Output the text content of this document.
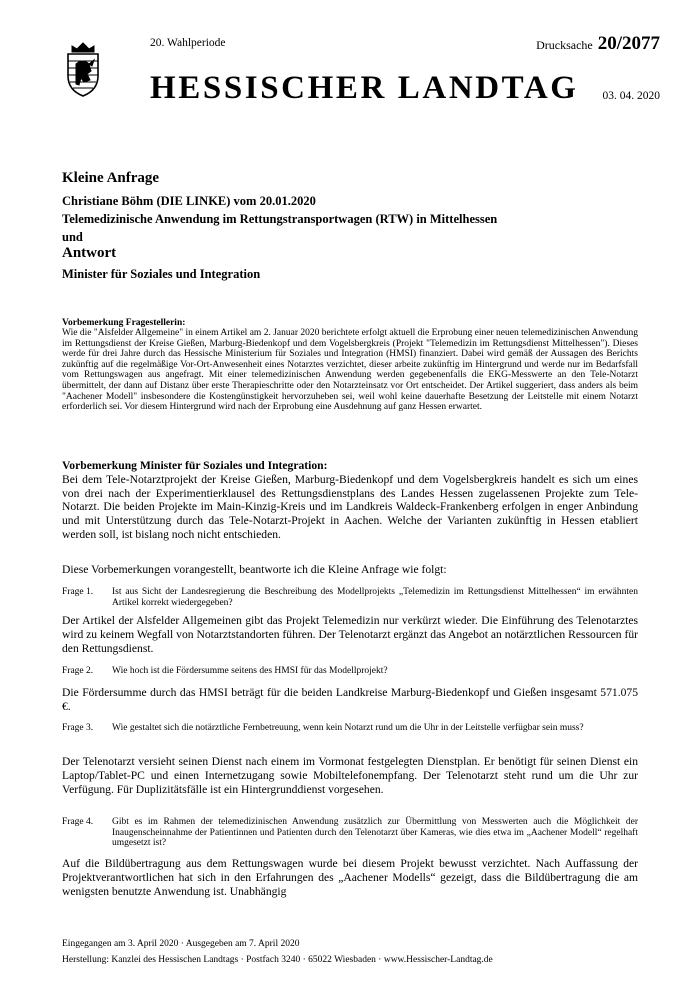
20. Wahlperiode	Drucksache 20/2077
HESSISCHER LANDTAG 03. 04. 2020
Kleine Anfrage
Christiane Böhm (DIE LINKE) vom 20.01.2020
Telemedizinische Anwendung im Rettungstransportwagen (RTW) in Mittelhessen
und
Antwort
Minister für Soziales und Integration
Vorbemerkung Fragestellerin:
Wie die "Alsfelder Allgemeine" in einem Artikel am 2. Januar 2020 berichtete erfolgt aktuell die Erprobung einer neuen telemedizinischen Anwendung im Rettungsdienst der Kreise Gießen, Marburg-Biedenkopf und dem Vogelsbergkreis (Projekt "Telemedizin im Rettungsdienst Mittelhessen"). Dieses werde für drei Jahre durch das Hessische Ministerium für Soziales und Integration (HMSI) finanziert. Dabei wird gemäß der Aussagen des Berichts zukünftig auf die regelmäßige Vor-Ort-Anwesenheit eines Notarztes verzichtet, dieser arbeite zukünftig im Hintergrund und werde nur im Bedarfsfall vom Rettungswagen aus angefragt. Mit einer telemedizinischen Anwendung werden gegebenenfalls die EKG-Messwerte an den Tele-Notarzt übermittelt, der dann auf Distanz über erste Therapieschritte oder den Notarzteinsatz vor Ort entscheidet. Der Artikel suggeriert, dass anders als beim "Aachener Modell" insbesondere die Kostengünstigkeit hervorzuheben sei, weil wohl keine dauerhafte Besetzung der Leitstelle mit einem Notarzt erforderlich sei. Vor diesem Hintergrund wird nach der Erprobung eine Ausdehnung auf ganz Hessen erwartet.
Vorbemerkung Minister für Soziales und Integration:
Bei dem Tele-Notarztprojekt der Kreise Gießen, Marburg-Biedenkopf und dem Vogelsbergkreis handelt es sich um eines von drei nach der Experimentierklausel des Rettungsdienstplans des Landes Hessen zugelassenen Projekte zum Tele-Notarzt. Die beiden Projekte im Main-Kinzig-Kreis und im Landkreis Waldeck-Frankenberg erfolgen in enger Anbindung und mit Unterstützung durch das Tele-Notarzt-Projekt in Aachen. Welche der Varianten zukünftig in Hessen etabliert werden soll, ist bislang noch nicht entschieden.
Diese Vorbemerkungen vorangestellt, beantworte ich die Kleine Anfrage wie folgt:
Frage 1. Ist aus Sicht der Landesregierung die Beschreibung des Modellprojekts „Telemedizin im Rettungsdienst Mittelhessen“ im erwähnten Artikel korrekt wiedergegeben?
Der Artikel der Alsfelder Allgemeinen gibt das Projekt Telemedizin nur verkürzt wieder. Die Einführung des Telenotarztes wird zu keinem Wegfall von Notarztstandorten führen. Der Telenotarzt ergänzt das Angebot an notärztlichen Ressourcen für den Rettungsdienst.
Frage 2. Wie hoch ist die Fördersumme seitens des HMSI für das Modellprojekt?
Die Fördersumme durch das HMSI beträgt für die beiden Landkreise Marburg-Biedenkopf und Gießen insgesamt 571.075 €.
Frage 3. Wie gestaltet sich die notärztliche Fernbetreuung, wenn kein Notarzt rund um die Uhr in der Leitstelle verfügbar sein muss?
Der Telenotarzt versieht seinen Dienst nach einem im Vormonat festgelegten Dienstplan. Er benötigt für seinen Dienst ein Laptop/Tablet-PC und einen Internetzugang sowie Mobiltelefonempfang. Der Telenotarzt steht rund um die Uhr zur Verfügung. Für Duplizitätsfälle ist ein Hintergrunddienst vorgesehen.
Frage 4. Gibt es im Rahmen der telemedizinischen Anwendung zusätzlich zur Übermittlung von Messwerten auch die Möglichkeit der Inaugenscheinnahme der Patientinnen und Patienten durch den Telenotarzt über Kameras, wie dies etwa im „Aachener Modell“ regelhaft umgesetzt ist?
Auf die Bildübertragung aus dem Rettungswagen wurde bei diesem Projekt bewusst verzichtet. Nach Auffassung der Projektverantwortlichen hat sich in den Erfahrungen des „Aachener Modells“ gezeigt, dass die Bildübertragung die am wenigsten benutzte Anwendung ist. Unabhängig
Eingegangen am 3. April 2020 · Ausgegeben am 7. April 2020
Herstellung: Kanzlei des Hessischen Landtags · Postfach 3240 · 65022 Wiesbaden · www.Hessischer-Landtag.de
